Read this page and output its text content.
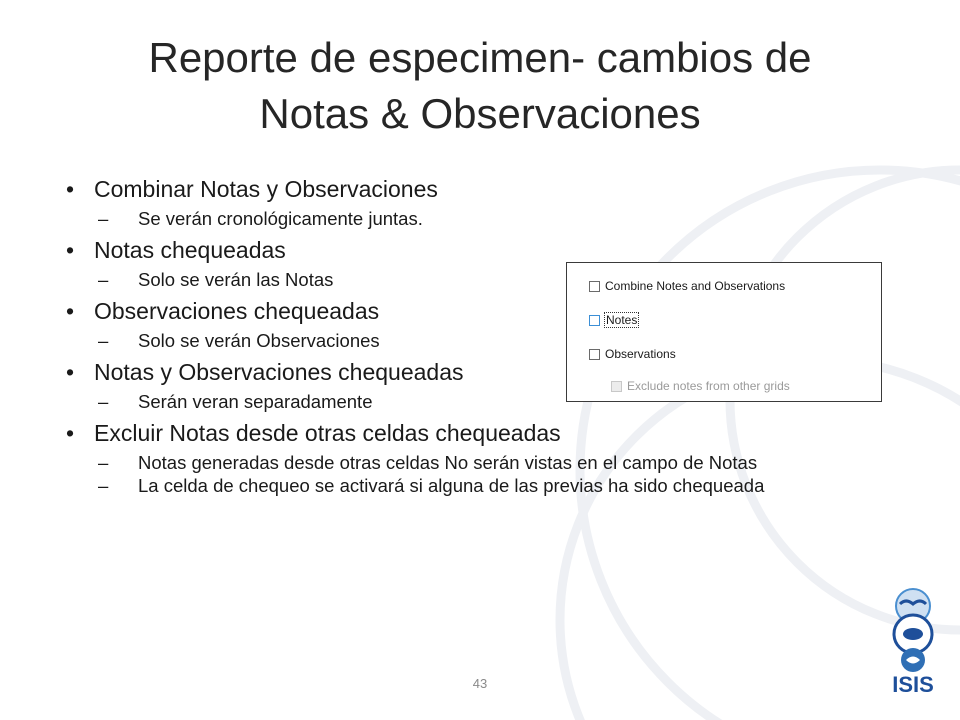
Reporte de especimen- cambios de
Notas & Observaciones
• Combinar Notas y Observaciones
– Se verán cronológicamente juntas.
• Notas chequeadas
– Solo se verán las Notas
• Observaciones chequeadas
– Solo se verán Observaciones
• Notas y Observaciones chequeadas
– Serán veran separadamente
• Excluir Notas desde otras celdas chequeadas
– Notas generadas desde otras celdas No serán vistas en el campo de Notas
– La celda de chequeo se activará si alguna de las previas ha sido chequeada
Combine Notes and Observations
Notes
Observations
Exclude notes from other grids
43	ISIS
